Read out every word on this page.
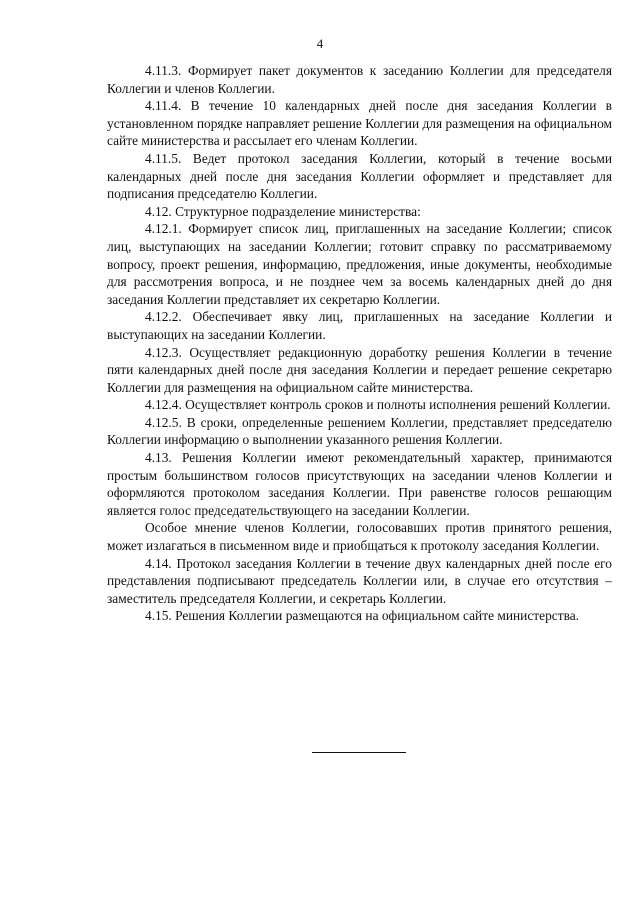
4

4.11.3. Формирует пакет документов к заседанию Коллегии для председателя Коллегии и членов Коллегии.

4.11.4. В течение 10 календарных дней после дня заседания Коллегии в установленном порядке направляет решение Коллегии для размещения на официальном сайте министерства и рассылает его членам Коллегии.

4.11.5. Ведет протокол заседания Коллегии, который в течение восьми календарных дней после дня заседания Коллегии оформляет и представляет для подписания председателю Коллегии.

4.12. Структурное подразделение министерства:

4.12.1. Формирует список лиц, приглашенных на заседание Коллегии; список лиц, выступающих на заседании Коллегии; готовит справку по рассматриваемому вопросу, проект решения, информацию, предложения, иные документы, необходимые для рассмотрения вопроса, и не позднее чем за восемь календарных дней до дня заседания Коллегии представляет их секретарю Коллегии.

4.12.2. Обеспечивает явку лиц, приглашенных на заседание Коллегии и выступающих на заседании Коллегии.

4.12.3. Осуществляет редакционную доработку решения Коллегии в течение пяти календарных дней после дня заседания Коллегии и передает решение секретарю Коллегии для размещения на официальном сайте министерства.

4.12.4. Осуществляет контроль сроков и полноты исполнения решений Коллегии.

4.12.5. В сроки, определенные решением Коллегии, представляет председателю Коллегии информацию о выполнении указанного решения Коллегии.

4.13. Решения Коллегии имеют рекомендательный характер, принимаются простым большинством голосов присутствующих на заседании членов Коллегии и оформляются протоколом заседания Коллегии. При равенстве голосов решающим является голос председательствующего на заседании Коллегии.

Особое мнение членов Коллегии, голосовавших против принятого решения, может излагаться в письменном виде и приобщаться к протоколу заседания Коллегии.

4.14. Протокол заседания Коллегии в течение двух календарных дней после его представления подписывают председатель Коллегии или, в случае его отсутствия – заместитель председателя Коллегии, и секретарь Коллегии.

4.15. Решения Коллегии размещаются на официальном сайте министерства.
